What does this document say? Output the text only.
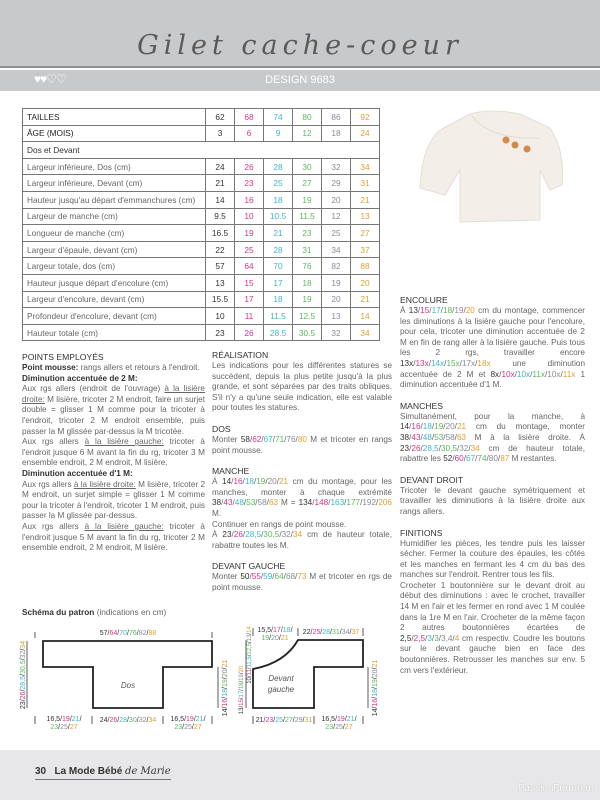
Gilet cache-coeur
♥♥♡♡	DESIGN 9683
TAILLES	62	68	74	80	86	92
ÂGE (MOIS)	3	6	9	12	18	24
Dos et Devant						
Largeur inférieure, Dos (cm)	24	26	28	30	32	34
Largeur inférieure, Devant (cm)	21	23	25	27	29	31
Hauteur jusqu'au départ d'emmanchures (cm)	14	16	18	19	20	21
Largeur de manche (cm)	9.5	10	10.5	11.5	12	13
Longueur de manche (cm)	16.5	19	21	23	25	27
Largeur d'épaule, devant (cm)	22	25	28	31	34	37
Largeur totale, dos (cm)	57	64	70	76	82	88
Hauteur jusque départ d'encolure (cm)	13	15	17	18	19	20
Largeur d'encolure, devant (cm)	15.5	17	18	19	20	21
Profondeur d'encolure, devant (cm)	10	11	11.5	12.5	13	14
Hauteur totale (cm)	23	26	28.5	30.5	32	34
POINTS EMPLOYÉS

Point mousse: rangs allers et retours à l'endroit.

Diminution accentuée de 2 M:

Aux rgs allers (endroit de l'ouvrage) à la lisière droite: M lisière, tricoter 2 M endroit, faire un surjet double = glisser 1 M comme pour la tricoter à l'endroit, tricoter 2 M endroit ensemble, puis passer la M glissée par-dessus la M tricotée.

Aux rgs allers à la lisière gauche: tricoter à l'endroit jusque 6 M avant la fin du rg, tricoter 3 M ensemble endroit, 2 M endroit, M lisière.

Diminution accentuée d'1 M:

Aux rgs allers à la lisière droite: M lisière, tricoter 2 M endroit, un surjet simple = glisser 1 M comme pour la tricoter à l'endroit, tricoter 1 M endroit, puis passer la M glissée par-dessus.

Aux rgs allers à la lisière gauche: tricoter à l'endroit jusque 5 M avant la fin du rg, tricoter 2 M ensemble endroit, 2 M endroit, M lisière.

RÉALISATION

Les indications pour les différentes statures se succèdent, depuis la plus petite jusqu'à la plus grande, et sont séparées par des traits obliques. S'il n'y a qu'une seule indication, elle est valable pour toutes les statures.

DOS

Monter 58/62/67/71/76/80 M et tricoter en rangs point mousse.

MANCHE

À 14/16/18/19/20/21 cm du montage, pour les manches, monter à chaque extrémité 38/43/48/53/58/63 M = 134/148/163/177/192/206 M.

Continuer en rangs de point mousse.

À 23/26/28,5/30,5/32/34 cm de hauteur totale, rabattre toutes les M.

DEVANT GAUCHE

Monter 50/55/59/64/68/73 M et tricoter en rgs de point mousse.

ENCOLURE

À 13/15/17/18/19/20 cm du montage, commencer les diminutions à la lisière gauche pour l'encolure, pour cela, tricoter une diminution accentuée de 2 M en fin de rang aller à la lisière gauche. Puis tous les 2 rgs, travailler encore 13x/13x/14x/15x/17x/18x une diminution accentuée de 2 M et 8x/10x/10x/11x/10x/11x 1 diminution accentuée d'1 M.

MANCHES

Simultanément, pour la manche, à 14/16/18/19/20/21 cm du montage, monter 38/43/48/53/58/63 M à la lisière droite. À 23/26/28,5/30,5/32/34 cm de hauteur totale, rabattre les 52/60/67/74/80/87 M restantes.

DEVANT DROIT

Tricoter le devant gauche symétriquement et travailler les diminutions à la lisière droite aux rangs allers.

FINITIONS

Humidifier les pièces, les tendre puis les laisser sécher. Fermer la couture des épaules, les côtés et les manches en fermant les 4 cm du bas des manches sur l'endroit. Rentrer tous les fils.

Crocheter 1 boutonnière sur le devant droit au début des diminutions : avec le crochet, travailler 14 M en l'air et les fermer en rond avec 1 M coulée dans la 1re M en l'air. Crocheter de la même façon 2 autres boutonnières écartées de 2,5/2,5/3/3/3,4/4 cm respectiv. Coudre les boutons sur le devant gauche bien en face des boutonnières. Retrousser les manches sur env. 5 cm vers l'extérieur.

Schéma du patron (indications en cm)
57/64/70/76/82/88
23/26/28,5/30,5/32/34
14/16/18/19/20/21
Dos
16,5/19/21/
23/25/27
24/26/28/30/32/34 16,5/19/21/
23/25/27
15,5/17/18/
19/20/21
22/25/28/31/34/37
10/11/11,5/12,5/13/14
13/15/17/18/19/20
14/16/18/19/20/21
Devant
gauche
21/23/25/27/29/31 16,5/19/21/
23/25/27
30 La Mode Bébé de Marie
PassionForum.ru
